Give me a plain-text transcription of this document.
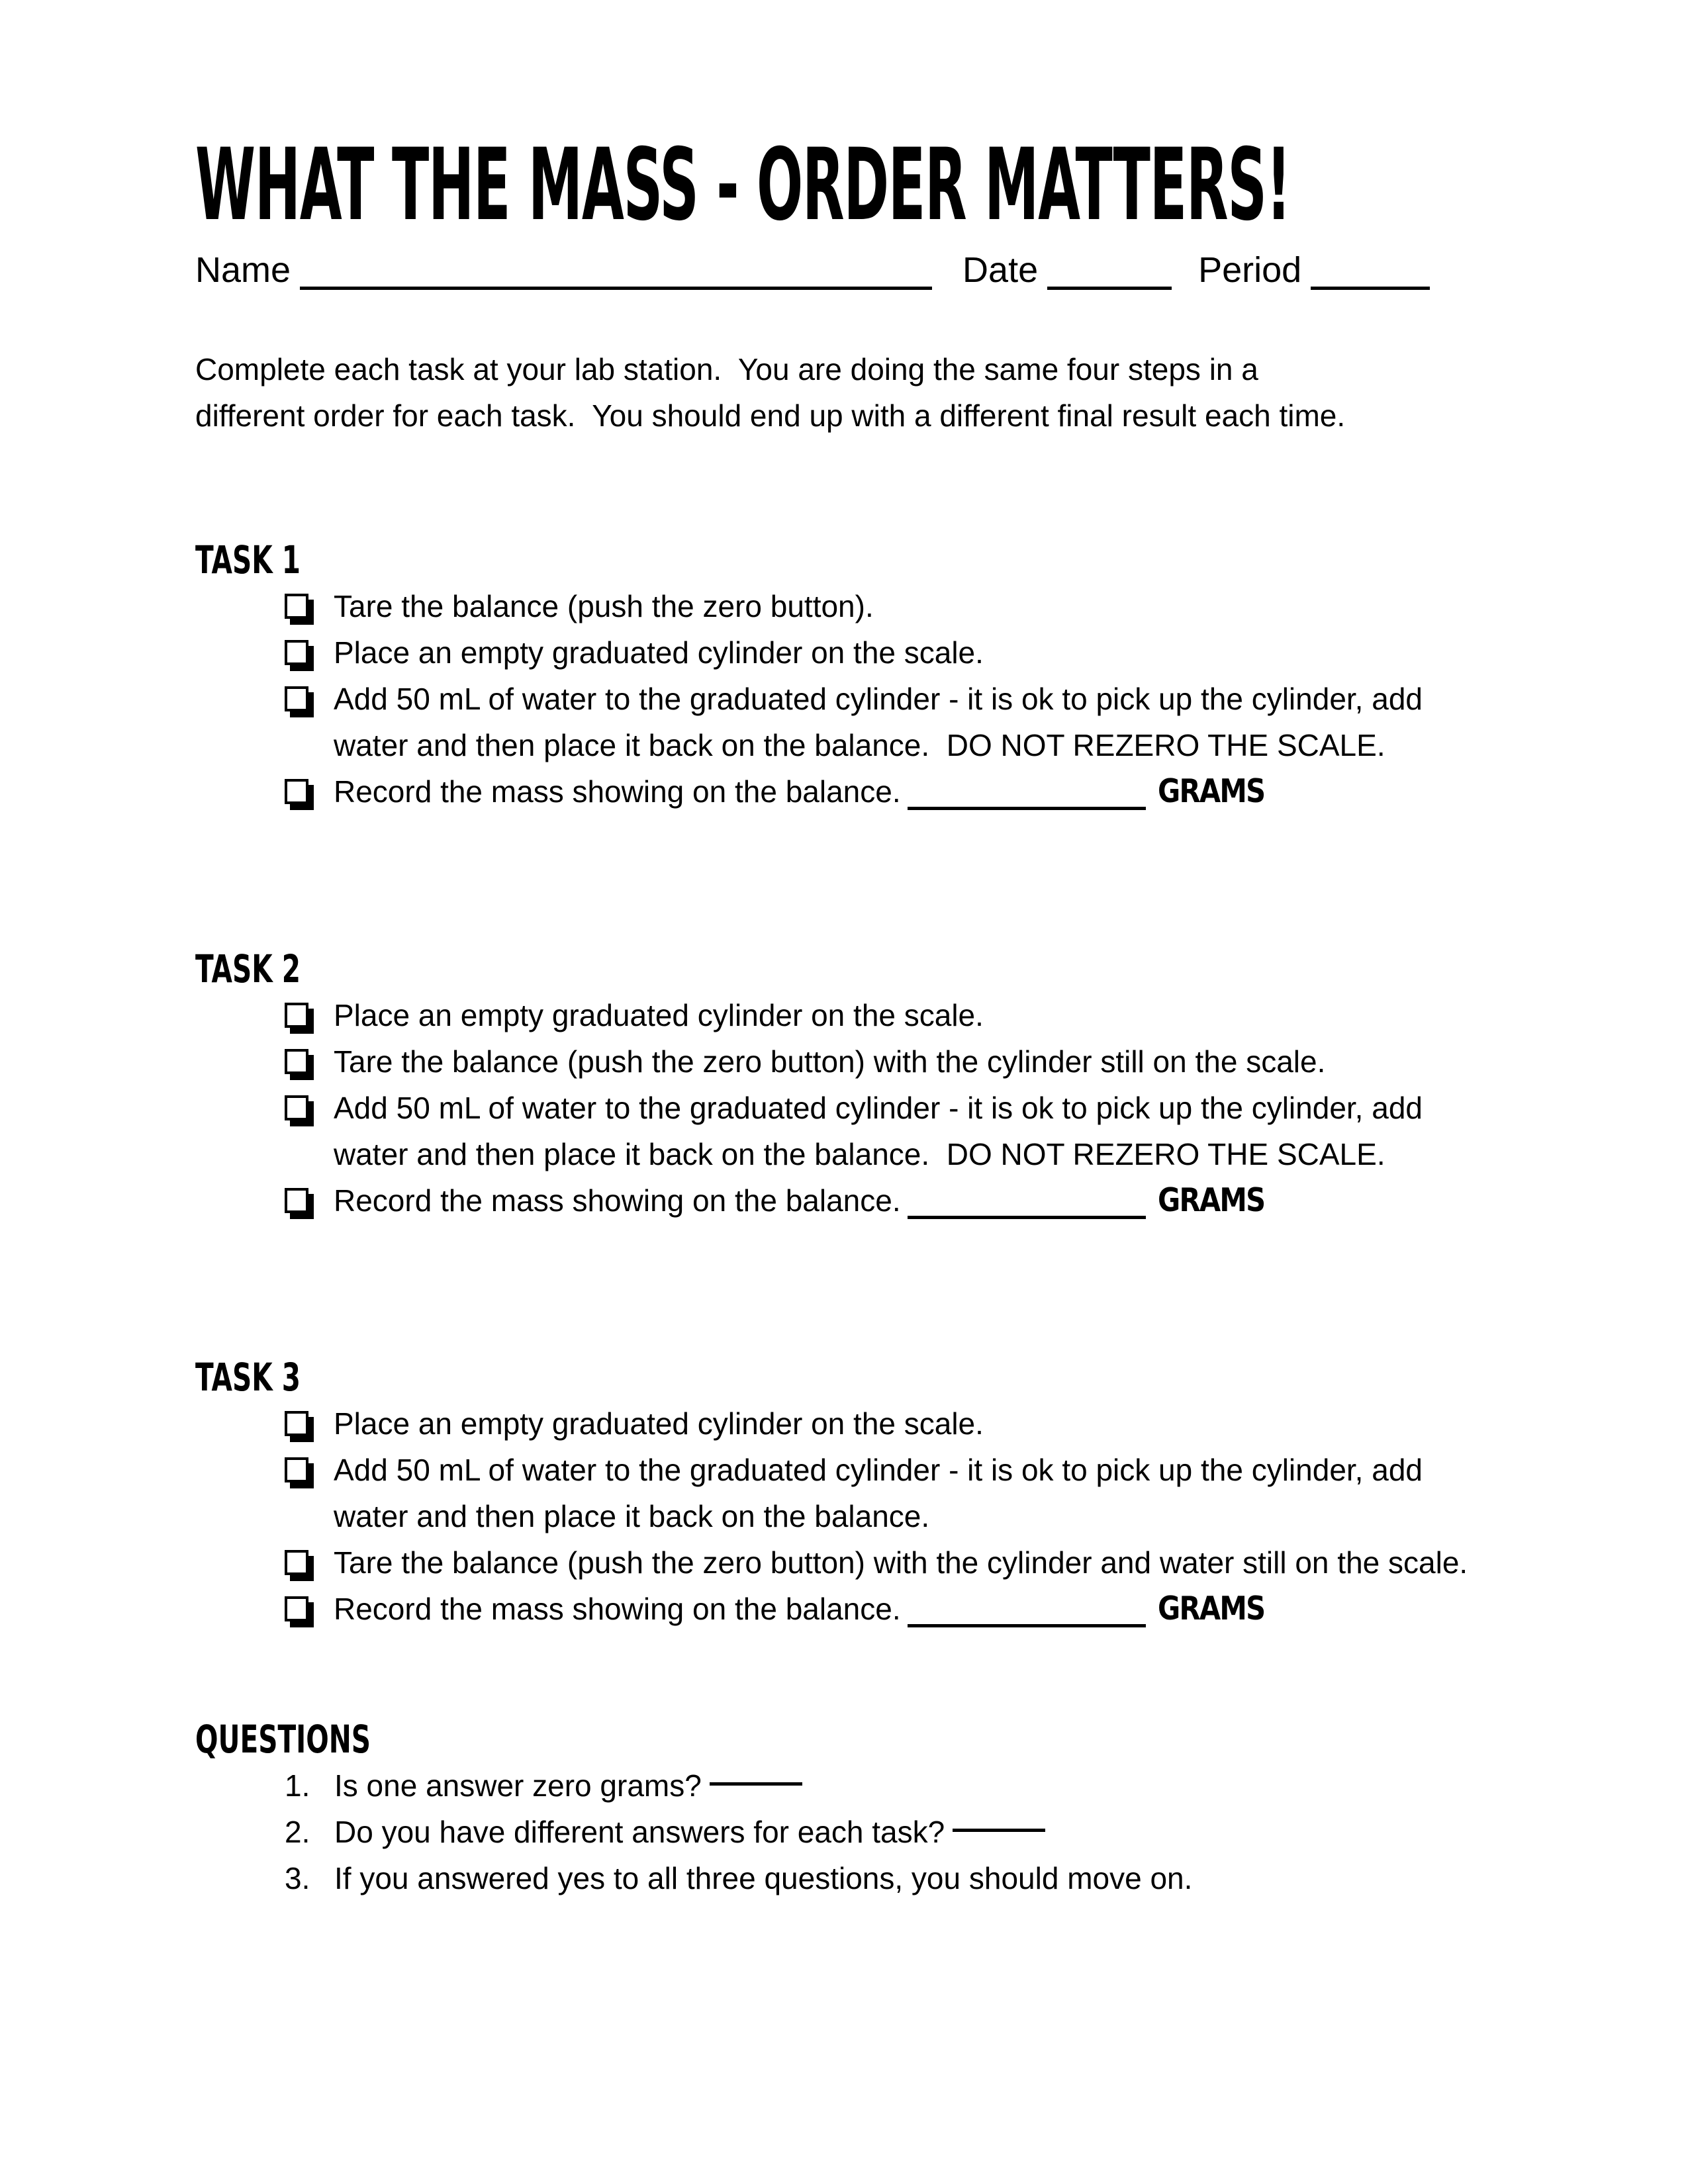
WHAT THE MASS - ORDER MATTERS!
Name	Date	Period
Complete each task at your lab station.  You are doing the same four steps in a
different order for each task.  You should end up with a different final result each time.
TASK 1
Tare the balance (push the zero button).
Place an empty graduated cylinder on the scale.
Add 50 mL of water to the graduated cylinder - it is ok to pick up the cylinder, add water and then place it back on the balance.  DO NOT REZERO THE SCALE.
Record the mass showing on the balance.	GRAMS
TASK 2
Place an empty graduated cylinder on the scale.
Tare the balance (push the zero button) with the cylinder still on the scale.
Add 50 mL of water to the graduated cylinder - it is ok to pick up the cylinder, add water and then place it back on the balance.  DO NOT REZERO THE SCALE.
Record the mass showing on the balance.	GRAMS
TASK 3
Place an empty graduated cylinder on the scale.
Add 50 mL of water to the graduated cylinder - it is ok to pick up the cylinder, add water and then place it back on the balance.
Tare the balance (push the zero button) with the cylinder and water still on the scale.
Record the mass showing on the balance.	GRAMS
QUESTIONS
1. Is one answer zero grams?
2. Do you have different answers for each task?
3. If you answered yes to all three questions, you should move on.
